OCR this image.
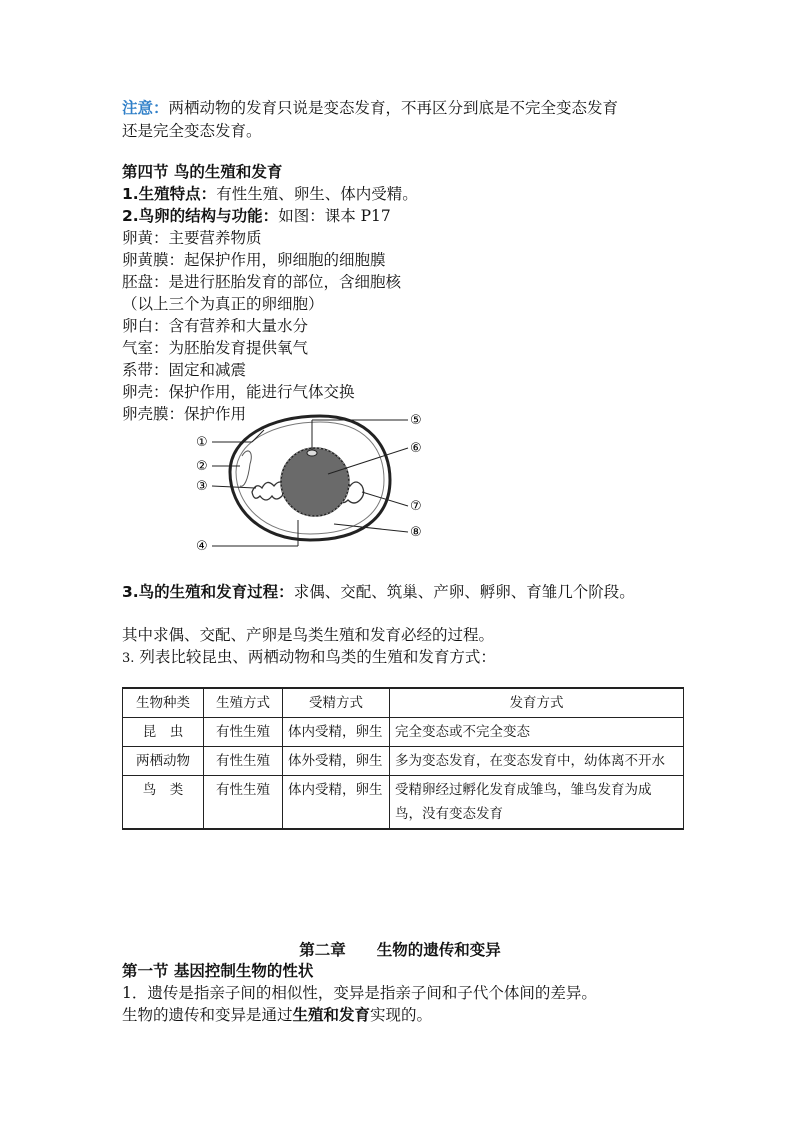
注意：两栖动物的发育只说是变态发育，不再区分到底是不完全变态发育
还是完全变态发育。
第四节 鸟的生殖和发育
1.生殖特点：有性生殖、卵生、体内受精。
2.鸟卵的结构与功能：如图：课本 P17
卵黄：主要营养物质
卵黄膜：起保护作用，卵细胞的细胞膜
胚盘：是进行胚胎发育的部位，含细胞核
（以上三个为真正的卵细胞）
卵白：含有营养和大量水分
气室：为胚胎发育提供氧气
系带：固定和减震
卵壳：保护作用，能进行气体交换
卵壳膜：保护作用
①
②
③
④
⑤
⑥
⑦
⑧
3.鸟的生殖和发育过程：求偶、交配、筑巢、产卵、孵卵、育雏几个阶段。
其中求偶、交配、产卵是鸟类生殖和发育必经的过程。
3. 列表比较昆虫、两栖动物和鸟类的生殖和发育方式：
生物种类	生殖方式	受精方式	发育方式
昆　虫	有性生殖	体内受精，卵生	完全变态或不完全变态
两栖动物	有性生殖	体外受精，卵生	多为变态发育，在变态发育中，幼体离不开水
鸟　类	有性生殖	体内受精，卵生	受精卵经过孵化发育成雏鸟，雏鸟发育为成鸟，没有变态发育
第二章　　生物的遗传和变异
第一节 基因控制生物的性状
1．遗传是指亲子间的相似性，变异是指亲子间和子代个体间的差异。
生物的遗传和变异是通过生殖和发育实现的。
